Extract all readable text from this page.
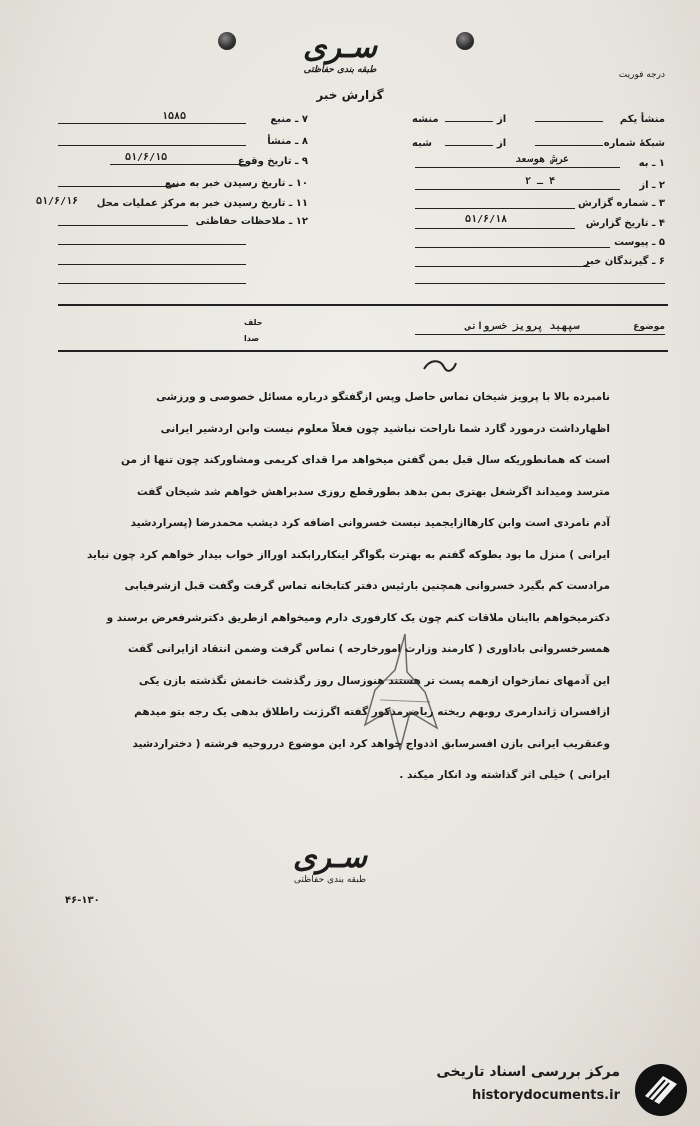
سـری
طبقه بندی حفاظتی
گزارش خبر
درجه فوریت
منشأ یکم
از
منشه
شبکهٔ شماره
از
شبه
۱ ـ به
عرش هوسعد
۲ ـ از
۴ ـ ۲
۳ ـ شماره گزارش
۴ ـ تاریخ گزارش
۵۱/۶/۱۸
۵ ـ پیوست
۶ ـ گیرندگان خبر
۷ ـ منبع
۱۵۸۵
۸ ـ منشأ
۹ ـ تاریخ وقوع
۵۱/۶/۱۵
۱۰ ـ تاریخ رسیدن خبر به منبع
۱۱ ـ تاریخ رسیدن خبر به مرکز عملیات محل
۵۱/۶/۱۶
۱۲ ـ ملاحظات حفاظتی
موضوع
سپهبد پرویز خسروانی
حلف
صدا

نامبرده بالا با پرویز شیخان تماس حاصل وپس ازگفتگو درباره مسائل خصوصی و ورزشی

اظهارداشت درمورد گارد شما ناراحت نباشید چون فعلاً معلوم نیست وابن اردشیر ایرانی

است که همانطوریکه سال قبل بمن گفتن میخواهد مرا قدای کریمی ومشاورکند چون تنها از من

مترسد ومیداند اگرشغل بهتری بمن بدهد بطورقطع روزی سدبراهش خواهم شد شیخان گفت

آدم نامردی است وابن کارهاازایجمید نیست خسروانی اضافه کرد دیشب محمدرضا (پسراردشید

ایرانی ) منزل ما بود بطوکه گفتم به بهترت بگواگر اینکاررابکند اورااز خواب بیدار خواهم کرد چون نباید

مرادست کم بگیرد خسروانی همچنین بارئیس دفتر کتابخانه تماس گرفت وگفت قبل ازشرفیابی

دکترمیخواهم بااینان ملاقات کنم چون یک کارفوری دارم ومیخواهم ازطریق دکترشرفعرض برسند و

همسرخسروانی باداوری ( کارمند وزارت امورخارجه ) تماس گرفت وضمن انتقاد ازایرانی گفت

این آدمهای نمازخوان ازهمه پست تر هستند هنوزسال روز رگذشت خانمش نگذشته بازن یکی

ازافسران ژاندارمری روبهم ریخته ریاضرمذکور گفته اگرژنت راطلاق بدهی یک رجه بتو میدهم

وعنقریب ایرانی بازن افسرسابق اذدواج خواهد کرد این موضوع درروحیه فرشته ( دختراردشید

ایرانی ) خیلی اثر گذاشته ود انکار میکند .

سـری
طبقه بندی حفاظتی
۴۶-۱۳۰
مرکز بررسی اسناد تاریخی
historydocuments.ir
